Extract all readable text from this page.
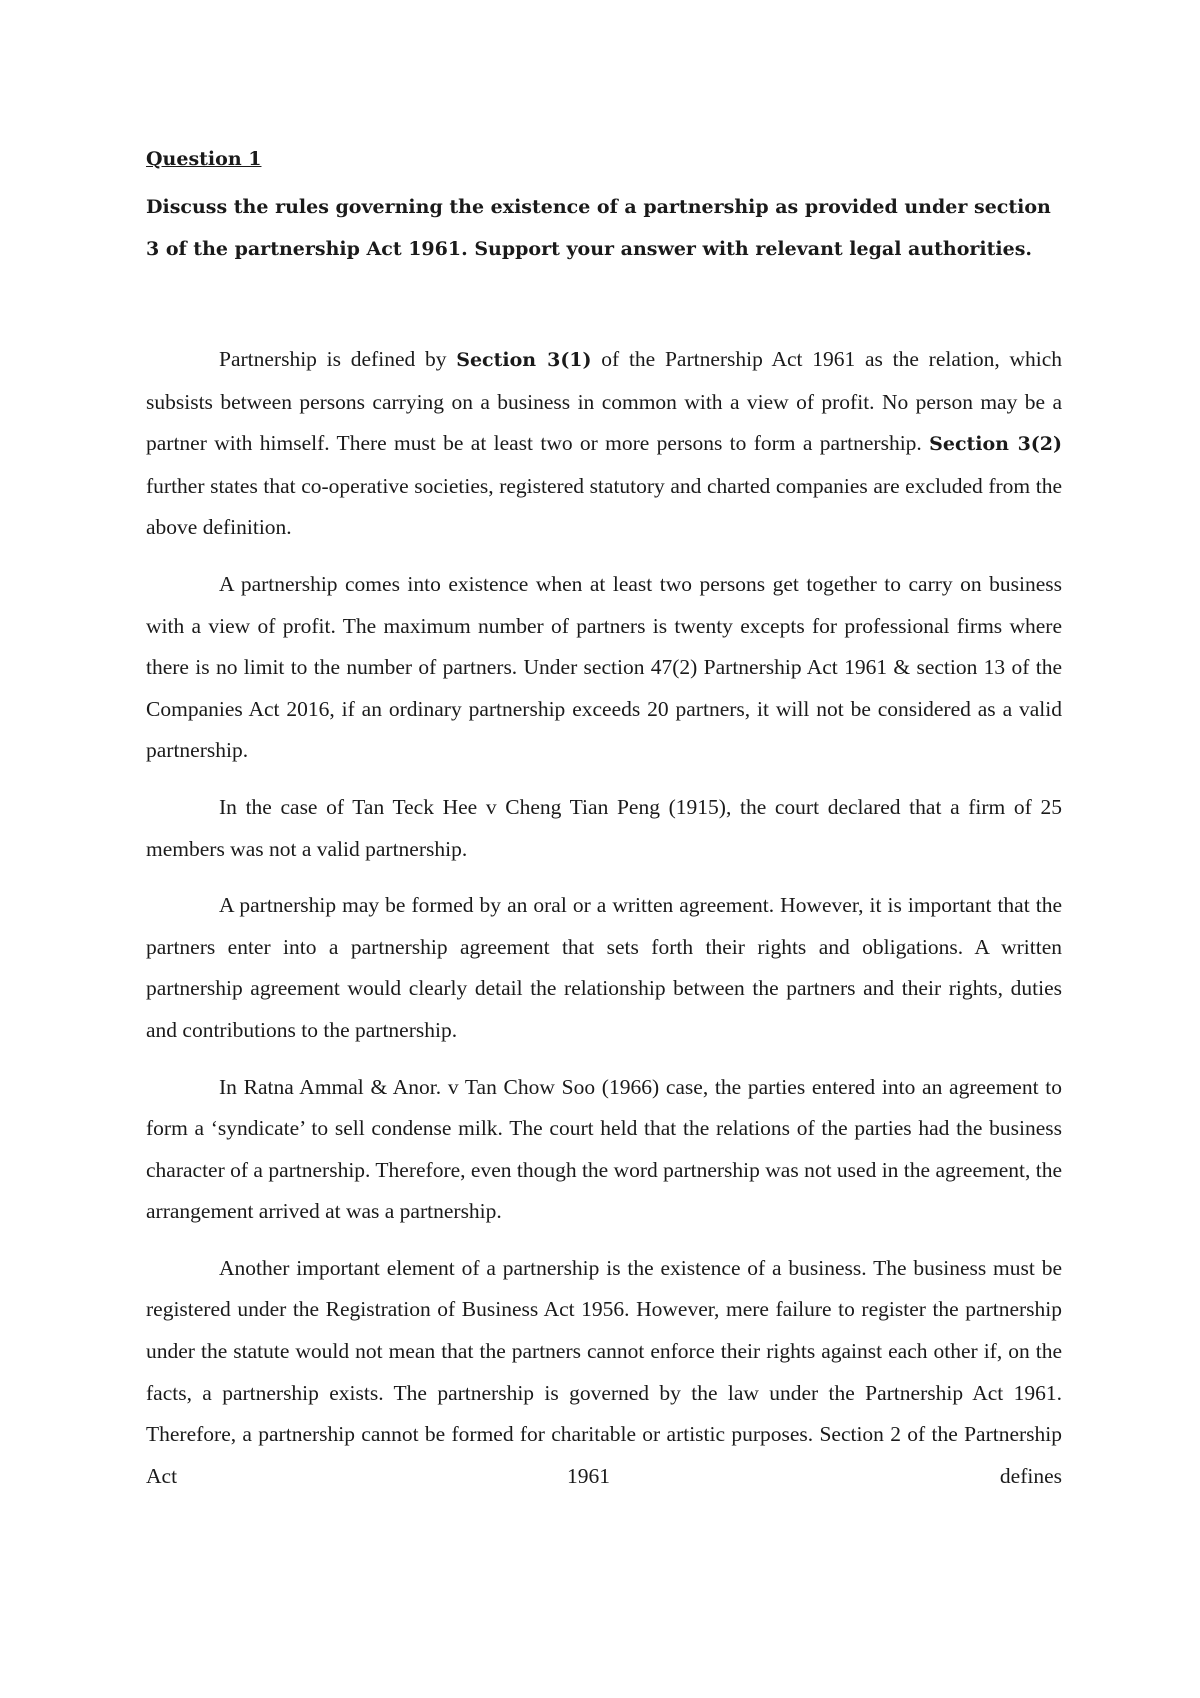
Question 1

Discuss the rules governing the existence of a partnership as provided under section 3 of the partnership Act 1961. Support your answer with relevant legal authorities.

Partnership is defined by Section 3(1) of the Partnership Act 1961 as the relation, which subsists between persons carrying on a business in common with a view of profit. No person may be a partner with himself. There must be at least two or more persons to form a partnership. Section 3(2) further states that co-operative societies, registered statutory and charted companies are excluded from the above definition.

A partnership comes into existence when at least two persons get together to carry on business with a view of profit. The maximum number of partners is twenty excepts for professional firms where there is no limit to the number of partners. Under section 47(2) Partnership Act 1961 & section 13 of the Companies Act 2016, if an ordinary partnership exceeds 20 partners, it will not be considered as a valid partnership.

In the case of Tan Teck Hee v Cheng Tian Peng (1915), the court declared that a firm of 25 members was not a valid partnership.

A partnership may be formed by an oral or a written agreement. However, it is important that the partners enter into a partnership agreement that sets forth their rights and obligations. A written partnership agreement would clearly detail the relationship between the partners and their rights, duties and contributions to the partnership.

In Ratna Ammal & Anor. v Tan Chow Soo (1966) case, the parties entered into an agreement to form a ‘syndicate’ to sell condense milk. The court held that the relations of the parties had the business character of a partnership. Therefore, even though the word partnership was not used in the agreement, the arrangement arrived at was a partnership.

Another important element of a partnership is the existence of a business. The business must be registered under the Registration of Business Act 1956. However, mere failure to register the partnership under the statute would not mean that the partners cannot enforce their rights against each other if, on the facts, a partnership exists. The partnership is governed by the law under the Partnership Act 1961. Therefore, a partnership cannot be formed for charitable or artistic purposes. Section 2 of the Partnership Act 1961 defines
